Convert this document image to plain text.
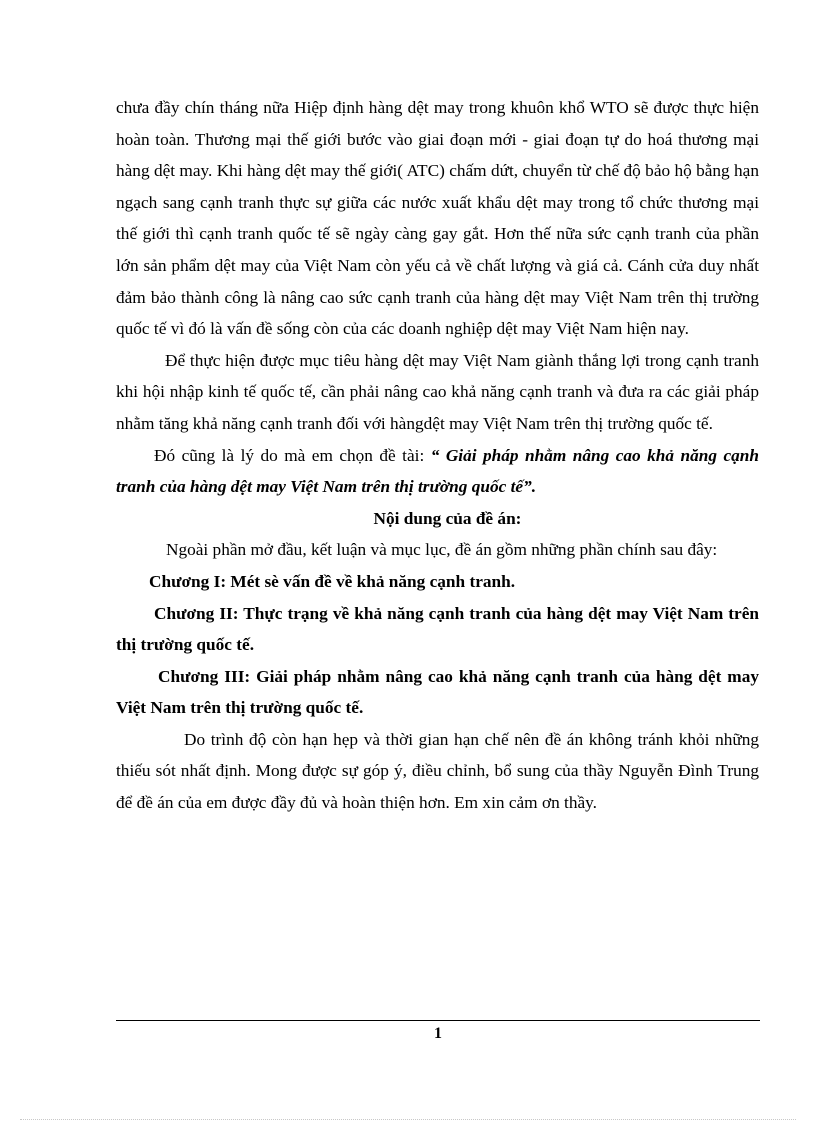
chưa đầy chín tháng nữa Hiệp định hàng dệt may trong khuôn khổ WTO sẽ được thực hiện hoàn toàn. Thương mại thế giới bước vào giai đoạn mới - giai đoạn tự do hoá thương mại hàng dệt may. Khi hàng dệt may thế giới( ATC) chấm dứt, chuyển từ chế độ bảo hộ bằng hạn ngạch sang cạnh tranh thực sự giữa các nước xuất khẩu dệt may trong tổ chức thương mại thế giới thì cạnh tranh quốc tế sẽ ngày càng gay gắt. Hơn thế nữa sức cạnh tranh của phần lớn sản phẩm dệt may của Việt Nam còn yếu cả về chất lượng và giá cả. Cánh cửa duy nhất đảm bảo thành công là nâng cao sức cạnh tranh của hàng dệt may Việt Nam trên thị trường quốc tế vì đó là vấn đề sống còn của các doanh nghiệp dệt may Việt Nam hiện nay.

Để thực hiện được mục tiêu hàng dệt may Việt Nam giành thắng lợi trong cạnh tranh khi hội nhập kinh tế quốc tế, cần phải nâng cao khả năng cạnh tranh và đưa ra các giải pháp nhằm tăng khả năng cạnh tranh đối với hàngdệt may Việt Nam trên thị trường quốc tế.

Đó cũng là lý do mà em chọn đề tài: “ Giải pháp nhằm nâng cao khả năng cạnh tranh của hàng dệt may Việt Nam trên thị trường quốc tế”.

Nội dung của đề án:

Ngoài phần mở đầu, kết luận và mục lục, đề án gồm những phần chính sau đây:

Chương I: Mét sè vấn đề về khả năng cạnh tranh.

Chương II: Thực trạng về khả năng cạnh tranh của hàng dệt may Việt Nam trên thị trường quốc tế.

Chương III: Giải pháp nhằm nâng cao khả năng cạnh tranh của hàng dệt may Việt Nam trên thị trường quốc tế.

Do trình độ còn hạn hẹp và thời gian hạn chế nên đề án không tránh khỏi những thiếu sót nhất định. Mong được sự góp ý, điều chỉnh, bổ sung của thầy Nguyễn Đình Trung để đề án của em được đầy đủ và hoàn thiện hơn. Em xin cảm ơn thầy.

1
